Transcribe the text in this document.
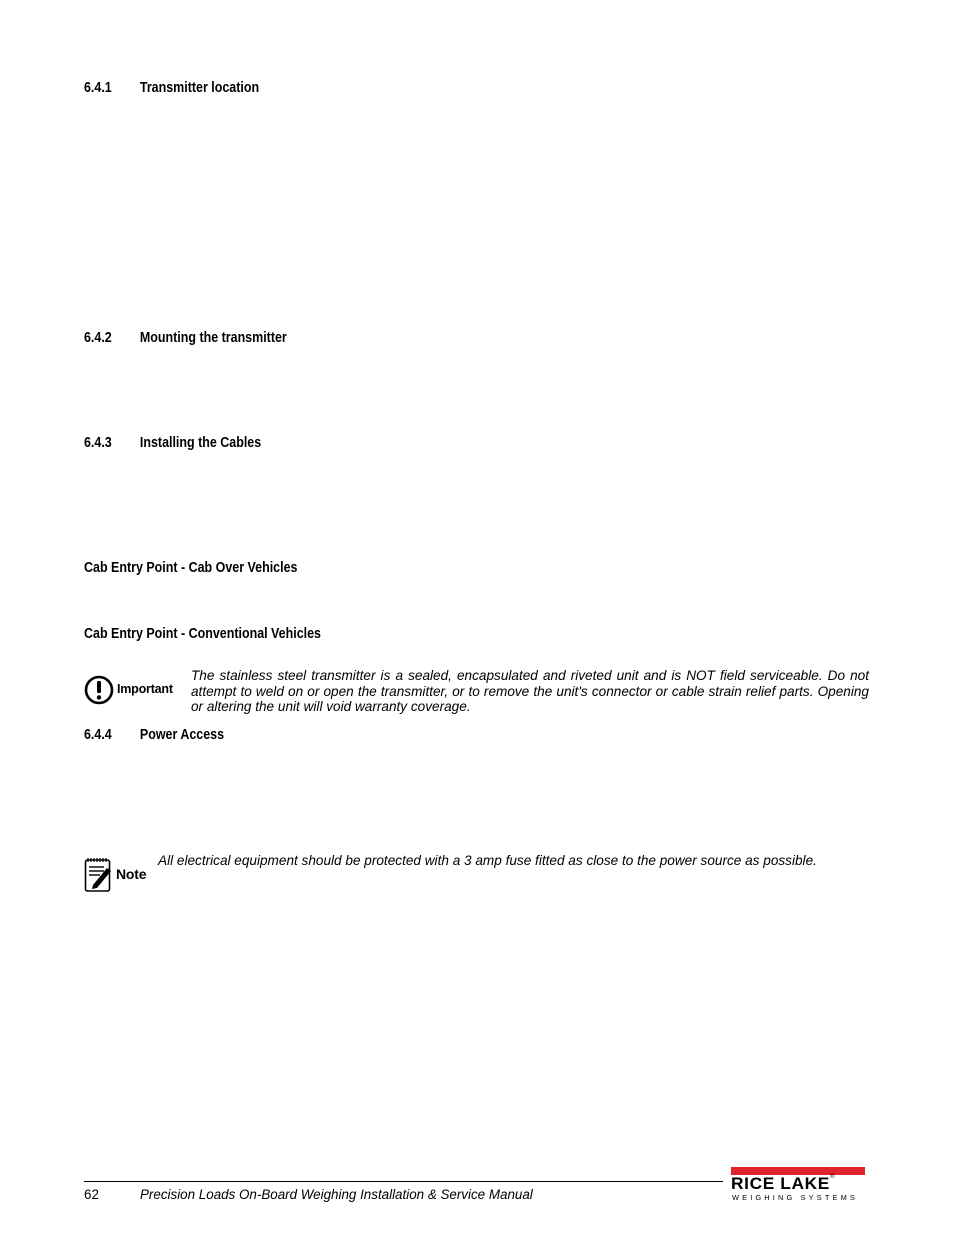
6.4.1 Transmitter location
6.4.2 Mounting the transmitter
6.4.3 Installing the Cables
Cab Entry Point - Cab Over Vehicles
Cab Entry Point - Conventional Vehicles
Important
The stainless steel transmitter is a sealed, encapsulated and riveted unit and is NOT field serviceable. Do not attempt to weld on or open the transmitter, or to remove the unit's connector or cable strain relief parts. Opening or altering the unit will void warranty coverage.
6.4.4 Power Access
Note
All electrical equipment should be protected with a 3 amp fuse fitted as close to the power source as possible.
62	Precision Loads On-Board Weighing Installation & Service Manual
RICE LAKE®
WEIGHING SYSTEMS
